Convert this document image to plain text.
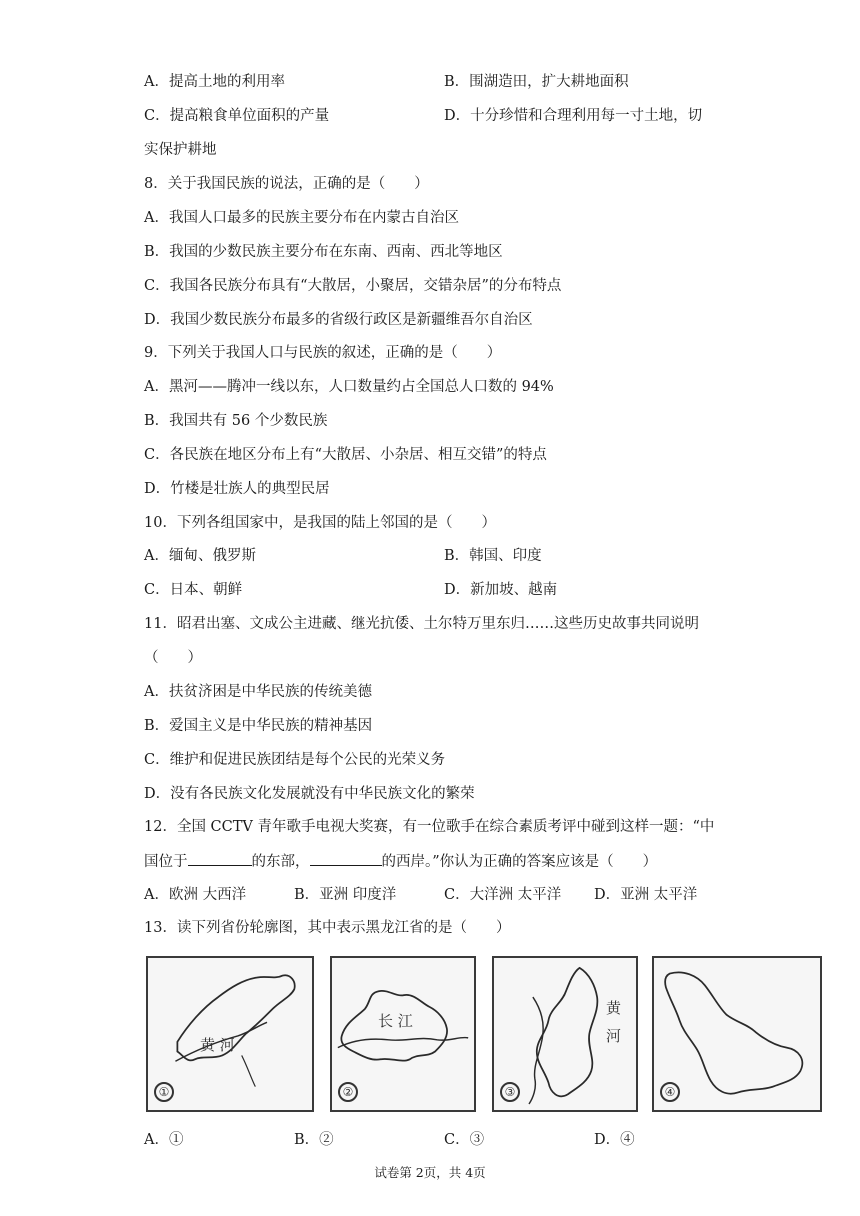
A．提高土地的利用率	B．围湖造田，扩大耕地面积
C．提高粮食单位面积的产量	D．十分珍惜和合理利用每一寸土地，切
实保护耕地
8．关于我国民族的说法，正确的是（　　）
A．我国人口最多的民族主要分布在内蒙古自治区
B．我国的少数民族主要分布在东南、西南、西北等地区
C．我国各民族分布具有“大散居，小聚居，交错杂居”的分布特点
D．我国少数民族分布最多的省级行政区是新疆维吾尔自治区
9．下列关于我国人口与民族的叙述，正确的是（　　）
A．黑河——腾冲一线以东，人口数量约占全国总人口数的 94%
B．我国共有 56 个少数民族
C．各民族在地区分布上有“大散居、小杂居、相互交错”的特点
D．竹楼是壮族人的典型民居
10．下列各组国家中，是我国的陆上邻国的是（　　）
A．缅甸、俄罗斯	B．韩国、印度
C．日本、朝鲜	D．新加坡、越南
11．昭君出塞、文成公主进藏、继光抗倭、土尔特万里东归……这些历史故事共同说明
（　　）
A．扶贫济困是中华民族的传统美德
B．爱国主义是中华民族的精神基因
C．维护和促进民族团结是每个公民的光荣义务
D．没有各民族文化发展就没有中华民族文化的繁荣
12．全国 CCTV 青年歌手电视大奖赛，有一位歌手在综合素质考评中碰到这样一题：“中
国位于	的东部，	的西岸。”你认为正确的答案应该是（　　）
A．欧洲 大西洋	B．亚洲 印度洋	C．大洋洲 太平洋 D．亚洲 太平洋
13．读下列省份轮廓图，其中表示黑龙江省的是（　　）
黄 河
①
长 江
②
黄河
③	④
A．①	B．②	C．③	D．④
试卷第 2页，共 4页
